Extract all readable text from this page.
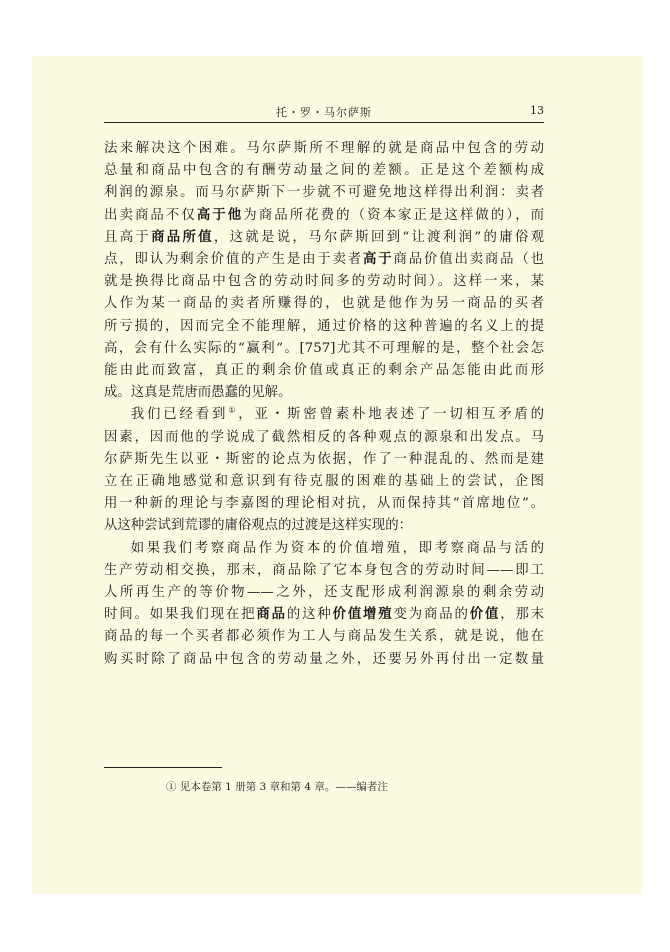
托・罗・马尔萨斯	13

法来解决这个困难。马尔萨斯所不理解的就是商品中包含的劳动

总量和商品中包含的有酬劳动量之间的差额。正是这个差额构成

利润的源泉。而马尔萨斯下一步就不可避免地这样得出利润：卖者

出卖商品不仅高于他为商品所花费的（资本家正是这样做的），而

且高于商品所值，这就是说，马尔萨斯回到“让渡利润”的庸俗观

点，即认为剩余价值的产生是由于卖者高于商品价值出卖商品（也

就是换得比商品中包含的劳动时间多的劳动时间）。这样一来，某

人作为某一商品的卖者所赚得的，也就是他作为另一商品的买者

所亏损的，因而完全不能理解，通过价格的这种普遍的名义上的提

高，会有什么实际的“赢利”。[757]尤其不可理解的是，整个社会怎

能由此而致富，真正的剩余价值或真正的剩余产品怎能由此而形

成。这真是荒唐而愚蠢的见解。

我们已经看到①，亚・斯密曾素朴地表述了一切相互矛盾的

因素，因而他的学说成了截然相反的各种观点的源泉和出发点。马

尔萨斯先生以亚・斯密的论点为依据，作了一种混乱的、然而是建

立在正确地感觉和意识到有待克服的困难的基础上的尝试，企图

用一种新的理论与李嘉图的理论相对抗，从而保持其“首席地位”。

从这种尝试到荒谬的庸俗观点的过渡是这样实现的：

如果我们考察商品作为资本的价值增殖，即考察商品与活的

生产劳动相交换，那末，商品除了它本身包含的劳动时间——即工

人所再生产的等价物——之外，还支配形成利润源泉的剩余劳动

时间。如果我们现在把商品的这种价值增殖变为商品的价值，那末

商品的每一个买者都必须作为工人与商品发生关系，就是说，他在

购买时除了商品中包含的劳动量之外，还要另外再付出一定数量

① 见本卷第 1 册第 3 章和第 4 章。——编者注
